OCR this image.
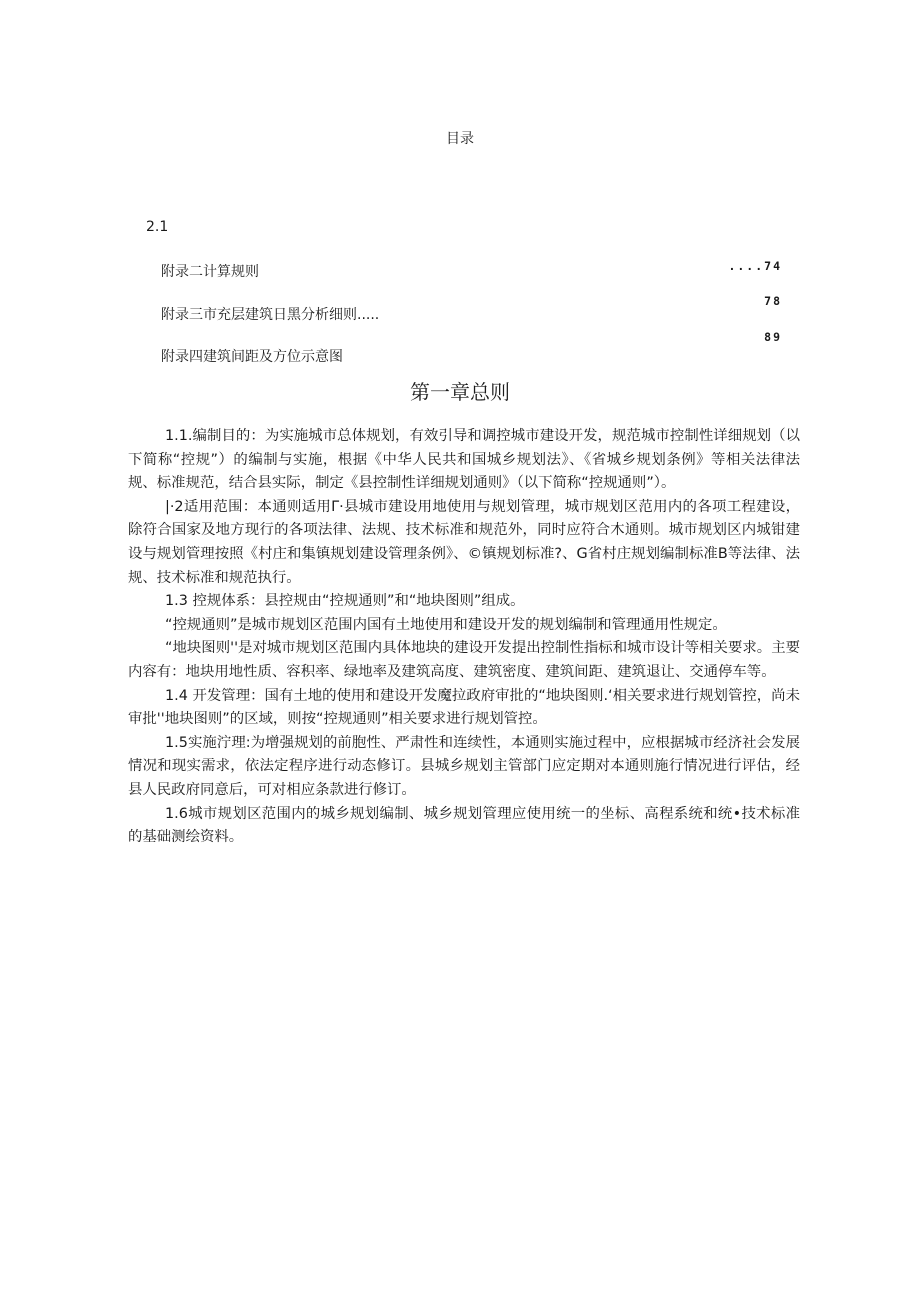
目录
2.1
附录二计算规则	....74
附录三市充层建筑日黑分析细则.....
78
附录四建筑间距及方位示意图
89
第一章总则

1.1.编制目的：为实施城市总体规划，有效引导和调控城市建设开发，规范城市控制性详细规划（以下简称“控规”）的编制与实施，根据《中华人民共和国城乡规划法》、《省城乡规划条例》等相关法律法规、标准规范，结合县实际，制定《县控制性详细规划通则》（以下简称“控规通则”）。

|·2适用范围：本通则适用Γ·县城市建设用地使用与规划管理，城市规划区范用内的各项工程建设，除符合国家及地方现行的各项法律、法规、技术标准和规范外，同时应符合木通则。城市规划区内城钳建设与规划管理按照《村庄和集镇规划建设管理条例》、©镇规划标准?、G省村庄规划编制标准B等法律、法规、技术标准和规范执行。

1.3 控规体系：县控规由“控规通则”和“地块图则”组成。

“控规通则”是城市规划区范围内国有土地使用和建设开发的规划编制和管理通用性规定。

“地块图则''是对城市规划区范围内具体地块的建设开发提出控制性指标和城市设计等相关要求。主要内容有：地块用地性质、容积率、绿地率及建筑高度、建筑密度、建筑间距、建筑退让、交通停车等。

1.4 开发管理：国有土地的使用和建设开发魔拉政府审批的“地块图则.‘相关要求进行规划管控，尚未审批''地块图则”的区域，则按“控规通则”相关要求进行规划管控。

1.5实施泞理:为增强规划的前胞性、严肃性和连续性，本通则实施过程中，应根据城市经济社会发展情况和现实需求，依法定程序进行动态修订。县城乡规划主管部门应定期对本通则施行情况进行评估，经县人民政府同意后，可对相应条款进行修订。

1.6城市规划区范围内的城乡规划编制、城乡规划管理应使用统一的坐标、高程系统和统•技术标准的基础测绘资料。
